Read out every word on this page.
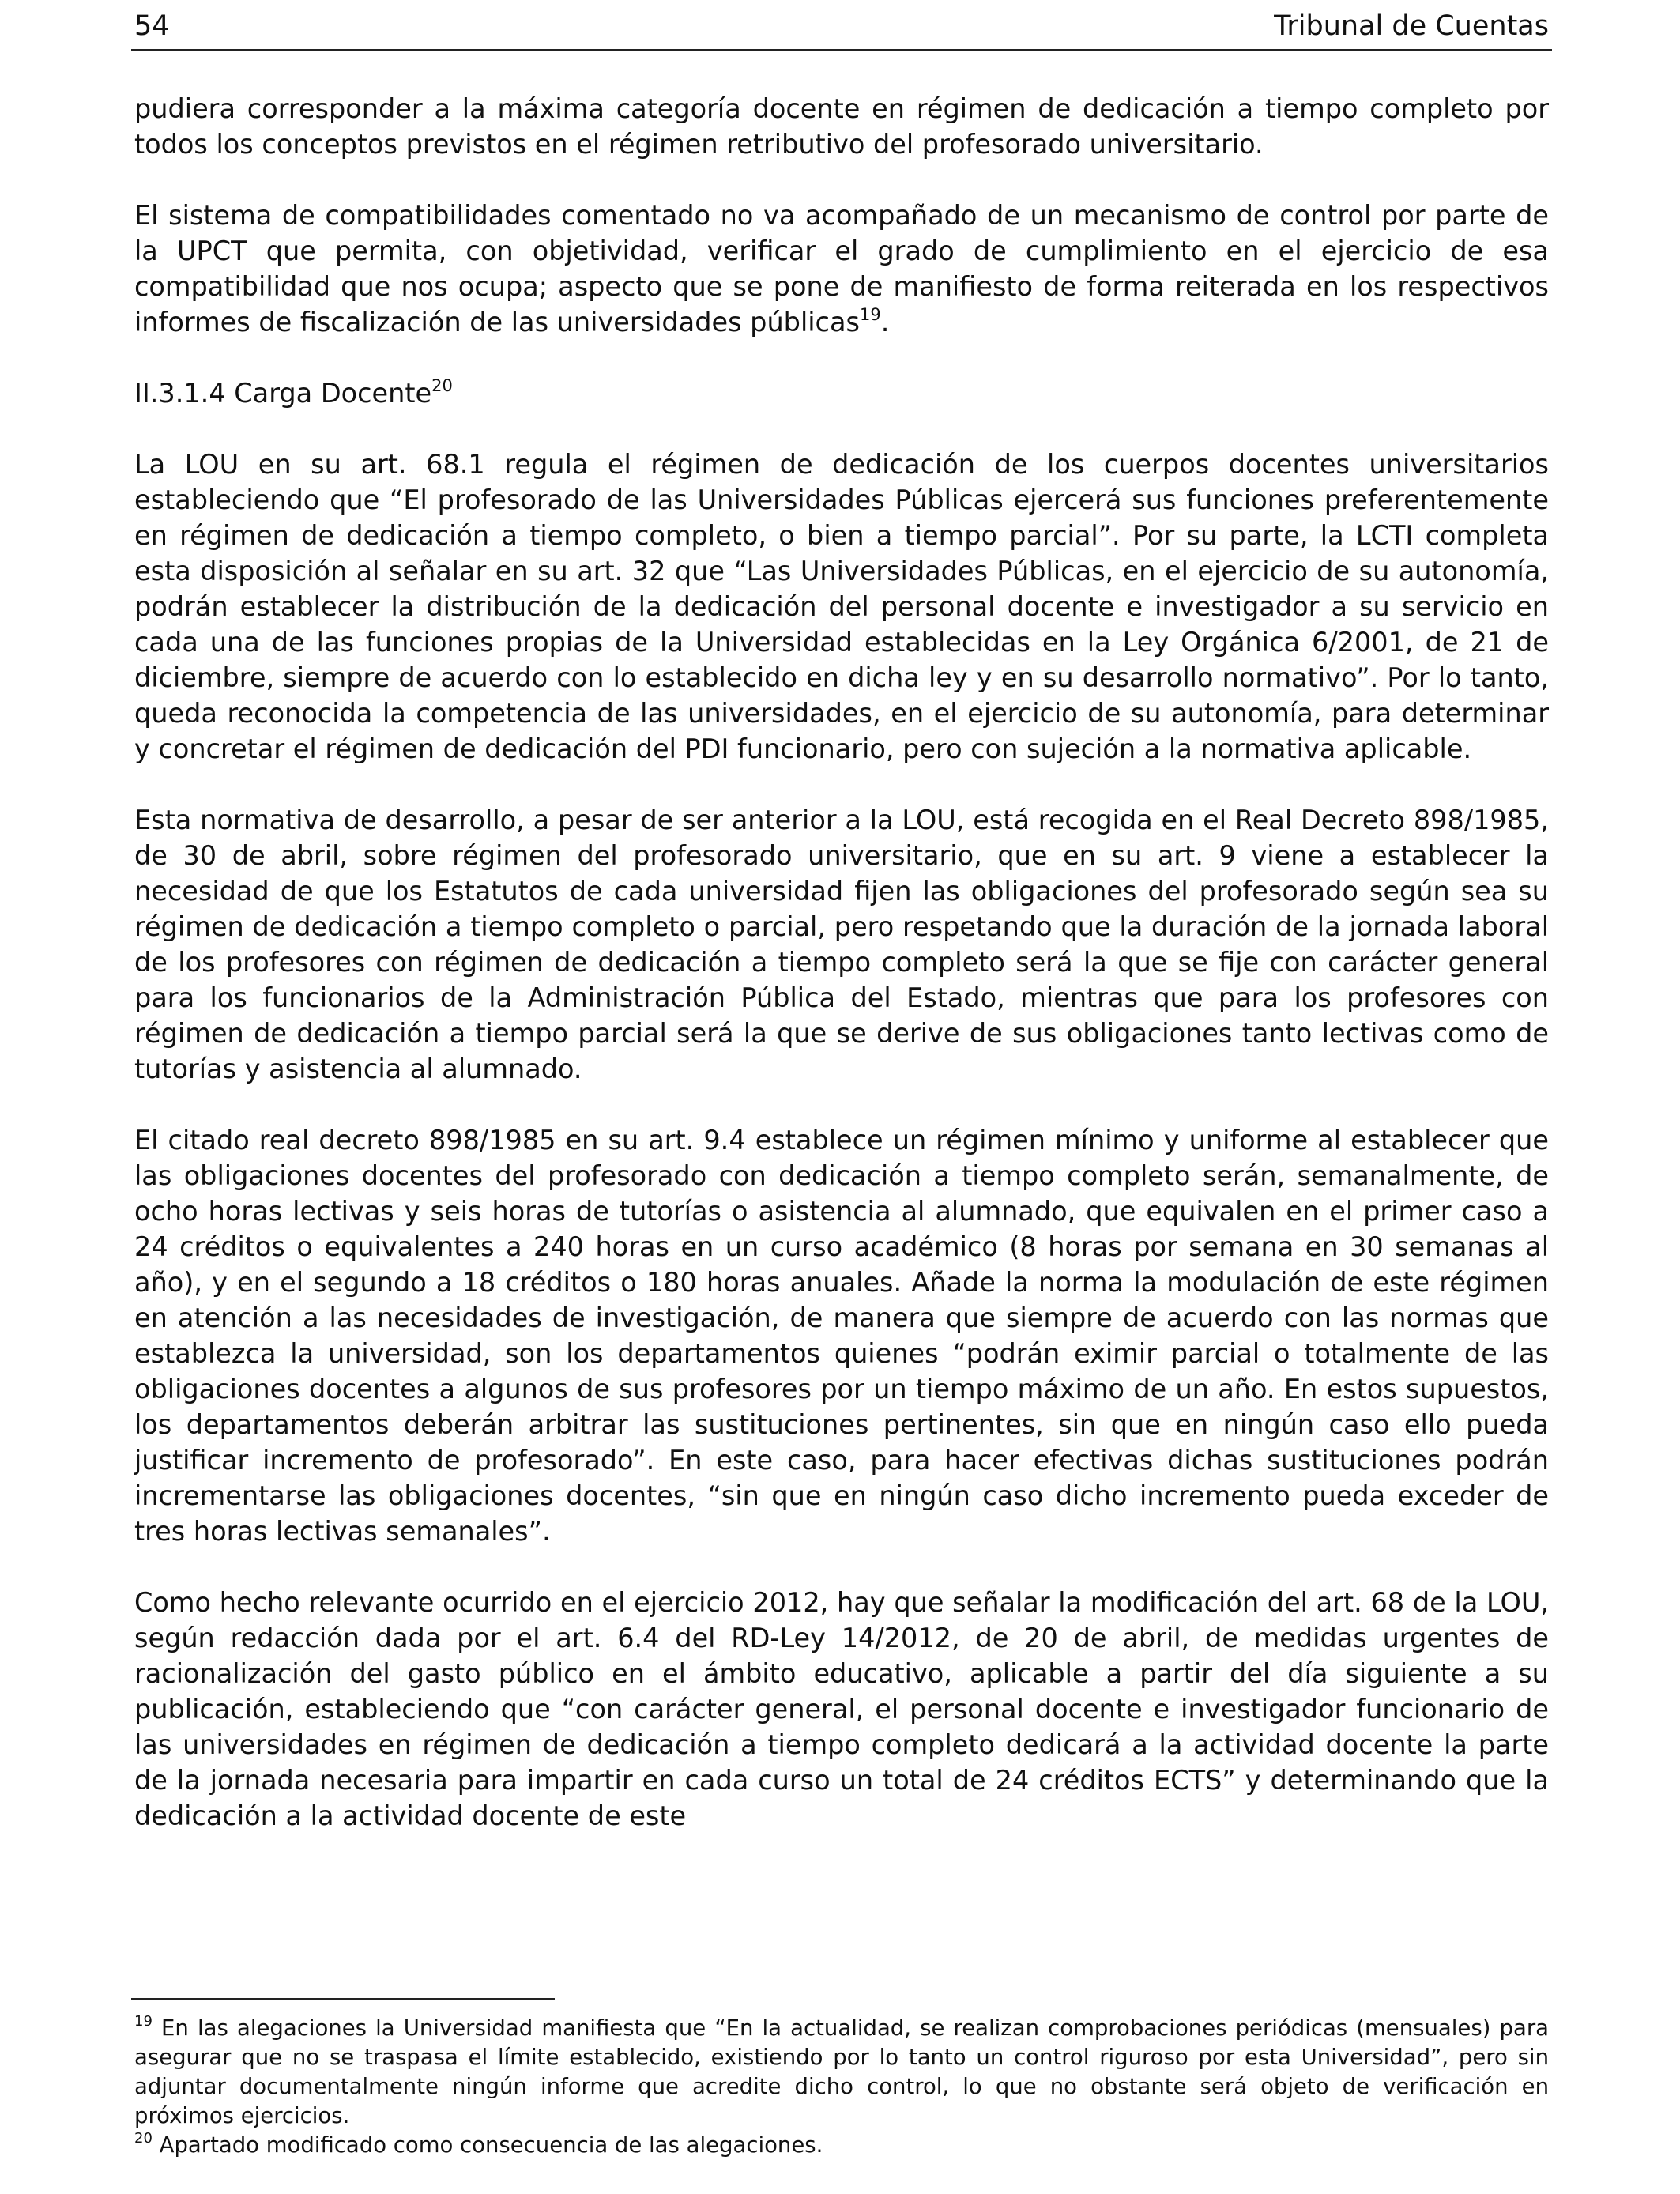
54	Tribunal de Cuentas

pudiera corresponder a la máxima categoría docente en régimen de dedicación a tiempo completo por todos los conceptos previstos en el régimen retributivo del profesorado universitario.

El sistema de compatibilidades comentado no va acompañado de un mecanismo de control por parte de la UPCT que permita, con objetividad, verificar el grado de cumplimiento en el ejercicio de esa compatibilidad que nos ocupa; aspecto que se pone de manifiesto de forma reiterada en los respectivos informes de fiscalización de las universidades públicas$^{19}$.

II.3.1.4 Carga Docente$^{20}$

La LOU en su art. 68.1 regula el régimen de dedicación de los cuerpos docentes universitarios estableciendo que “El profesorado de las Universidades Públicas ejercerá sus funciones preferentemente en régimen de dedicación a tiempo completo, o bien a tiempo parcial”. Por su parte, la LCTI completa esta disposición al señalar en su art. 32 que “Las Universidades Públicas, en el ejercicio de su autonomía, podrán establecer la distribución de la dedicación del personal docente e investigador a su servicio en cada una de las funciones propias de la Universidad establecidas en la Ley Orgánica 6/2001, de 21 de diciembre, siempre de acuerdo con lo establecido en dicha ley y en su desarrollo normativo”. Por lo tanto, queda reconocida la competencia de las universidades, en el ejercicio de su autonomía, para determinar y concretar el régimen de dedicación del PDI funcionario, pero con sujeción a la normativa aplicable.

Esta normativa de desarrollo, a pesar de ser anterior a la LOU, está recogida en el Real Decreto 898/1985, de 30 de abril, sobre régimen del profesorado universitario, que en su art. 9 viene a establecer la necesidad de que los Estatutos de cada universidad fijen las obligaciones del profesorado según sea su régimen de dedicación a tiempo completo o parcial, pero respetando que la duración de la jornada laboral de los profesores con régimen de dedicación a tiempo completo será la que se fije con carácter general para los funcionarios de la Administración Pública del Estado, mientras que para los profesores con régimen de dedicación a tiempo parcial será la que se derive de sus obligaciones tanto lectivas como de tutorías y asistencia al alumnado.

El citado real decreto 898/1985 en su art. 9.4 establece un régimen mínimo y uniforme al establecer que las obligaciones docentes del profesorado con dedicación a tiempo completo serán, semanalmente, de ocho horas lectivas y seis horas de tutorías o asistencia al alumnado, que equivalen en el primer caso a 24 créditos o equivalentes a 240 horas en un curso académico (8 horas por semana en 30 semanas al año), y en el segundo a 18 créditos o 180 horas anuales. Añade la norma la modulación de este régimen en atención a las necesidades de investigación, de manera que siempre de acuerdo con las normas que establezca la universidad, son los departamentos quienes “podrán eximir parcial o totalmente de las obligaciones docentes a algunos de sus profesores por un tiempo máximo de un año. En estos supuestos, los departamentos deberán arbitrar las sustituciones pertinentes, sin que en ningún caso ello pueda justificar incremento de profesorado”. En este caso, para hacer efectivas dichas sustituciones podrán incrementarse las obligaciones docentes, “sin que en ningún caso dicho incremento pueda exceder de tres horas lectivas semanales”.

Como hecho relevante ocurrido en el ejercicio 2012, hay que señalar la modificación del art. 68 de la LOU, según redacción dada por el art. 6.4 del RD-Ley 14/2012, de 20 de abril, de medidas urgentes de racionalización del gasto público en el ámbito educativo, aplicable a partir del día siguiente a su publicación, estableciendo que “con carácter general, el personal docente e investigador funcionario de las universidades en régimen de dedicación a tiempo completo dedicará a la actividad docente la parte de la jornada necesaria para impartir en cada curso un total de 24 créditos ECTS” y determinando que la dedicación a la actividad docente de este

$^{19}$ En las alegaciones la Universidad manifiesta que “En la actualidad, se realizan comprobaciones periódicas (mensuales) para asegurar que no se traspasa el límite establecido, existiendo por lo tanto un control riguroso por esta Universidad”, pero sin adjuntar documentalmente ningún informe que acredite dicho control, lo que no obstante será objeto de verificación en próximos ejercicios.

$^{20}$ Apartado modificado como consecuencia de las alegaciones.
